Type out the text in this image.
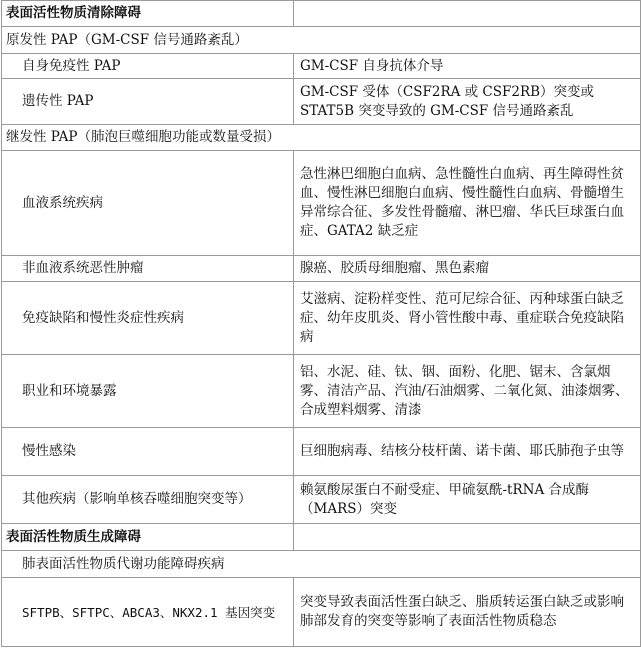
表面活性物质清除障碍	
原发性 PAP（GM-CSF 信号通路紊乱）	
自身免疫性 PAP	GM-CSF 自身抗体介导
遗传性 PAP	GM-CSF 受体（CSF2RA 或 CSF2RB）突变或 STAT5B 突变导致的 GM-CSF 信号通路紊乱
继发性 PAP（肺泡巨噬细胞功能或数量受损）	
血液系统疾病	急性淋巴细胞白血病、急性髓性白血病、再生障碍性贫血、慢性淋巴细胞白血病、慢性髓性白血病、骨髓增生异常综合征、多发性骨髓瘤、淋巴瘤、华氏巨球蛋白血症、GATA2 缺乏症
非血液系统恶性肿瘤	腺癌、胶质母细胞瘤、黑色素瘤
免疫缺陷和慢性炎症性疾病	艾滋病、淀粉样变性、范可尼综合征、丙种球蛋白缺乏症、幼年皮肌炎、肾小管性酸中毒、重症联合免疫缺陷病
职业和环境暴露	铝、水泥、硅、钛、铟、面粉、化肥、锯末、含氯烟雾、清洁产品、汽油/石油烟雾、二氧化氮、油漆烟雾、合成塑料烟雾、清漆
慢性感染	巨细胞病毒、结核分枝杆菌、诺卡菌、耶氏肺孢子虫等
其他疾病（影响单核吞噬细胞突变等）	赖氨酸尿蛋白不耐受症、甲硫氨酰-tRNA 合成酶（MARS）突变
表面活性物质生成障碍	
肺表面活性物质代谢功能障碍疾病	
SFTPB、SFTPC、ABCA3、NKX2.1 基因突变	突变导致表面活性蛋白缺乏、脂质转运蛋白缺乏或影响肺部发育的突变等影响了表面活性物质稳态
